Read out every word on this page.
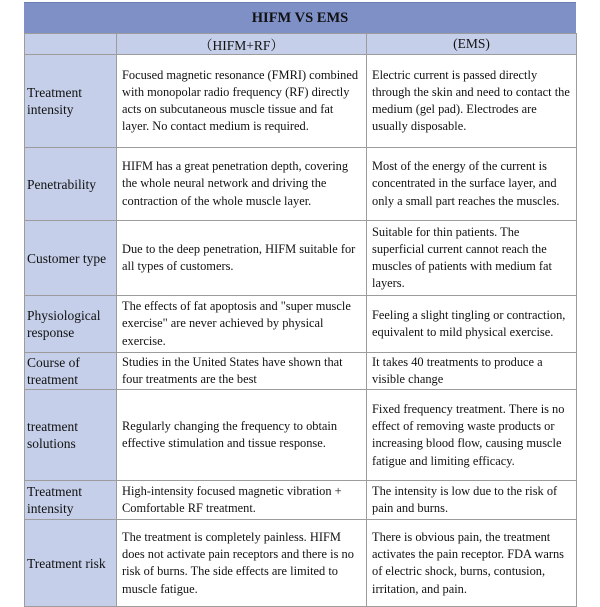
HIFM VS EMS
	（HIFM+RF）	(EMS)
Treatment intensity	Focused magnetic resonance (FMRI) combined with monopolar radio frequency (RF) directly acts on subcutaneous muscle tissue and fat layer. No contact medium is required.	Electric current is passed directly through the skin and need to contact the medium (gel pad). Electrodes are usually disposable.
Penetrability	HIFM has a great penetration depth, covering the whole neural network and driving the contraction of the whole muscle layer.	Most of the energy of the current is concentrated in the surface layer, and only a small part reaches the muscles.
Customer type	Due to the deep penetration, HIFM suitable for all types of customers.	Suitable for thin patients. The superficial current cannot reach the muscles of patients with medium fat layers.
Physiological response	The effects of fat apoptosis and "super muscle exercise" are never achieved by physical exercise.	Feeling a slight tingling or contraction, equivalent to mild physical exercise.
Course of treatment	Studies in the United States have shown that four treatments are the best	It takes 40 treatments to produce a visible change
treatment solutions	Regularly changing the frequency to obtain effective stimulation and tissue response.	Fixed frequency treatment. There is no effect of removing waste products or increasing blood flow, causing muscle fatigue and limiting efficacy.
Treatment intensity	High-intensity focused magnetic vibration + Comfortable RF treatment.	The intensity is low due to the risk of pain and burns.
Treatment risk	The treatment is completely painless. HIFM does not activate pain receptors and there is no risk of burns. The side effects are limited to muscle fatigue.	There is obvious pain, the treatment activates the pain receptor. FDA warns of electric shock, burns, contusion, irritation, and pain.
